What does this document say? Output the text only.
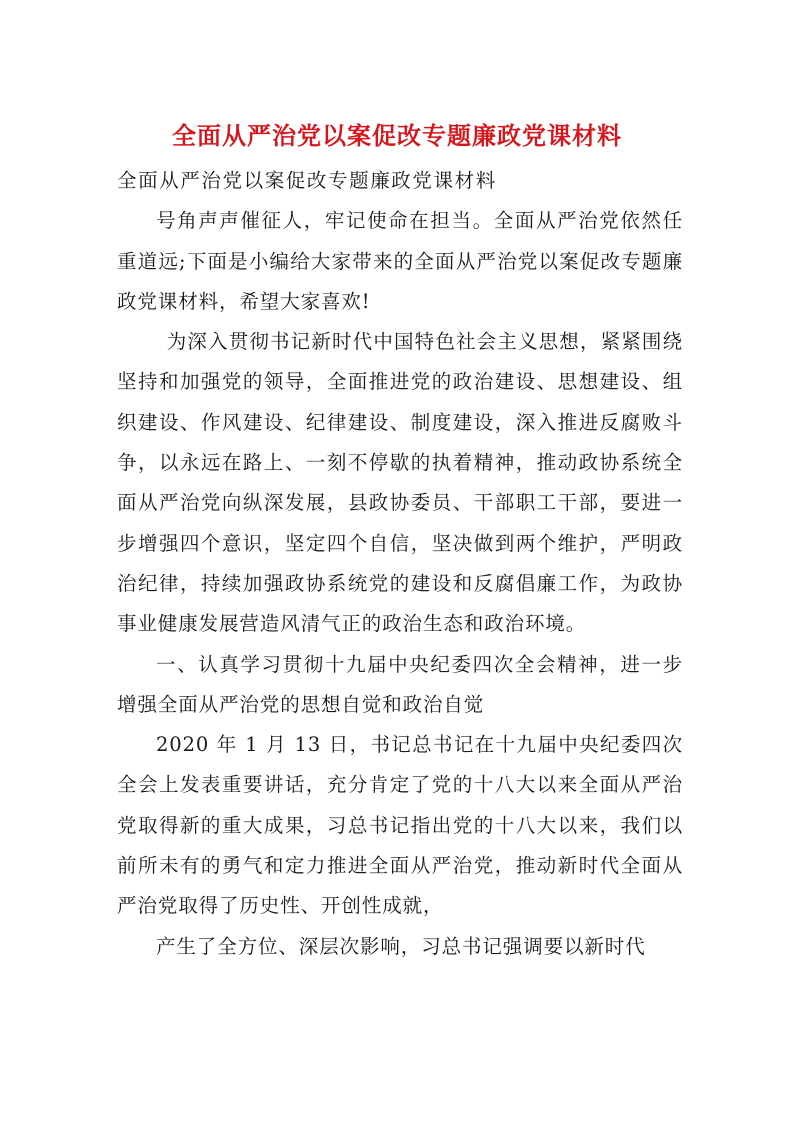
全面从严治党以案促改专题廉政党课材料

全面从严治党以案促改专题廉政党课材料

号角声声催征人，牢记使命在担当。全面从严治党依然任重道远;下面是小编给大家带来的全面从严治党以案促改专题廉政党课材料，希望大家喜欢!

为深入贯彻书记新时代中国特色社会主义思想，紧紧围绕坚持和加强党的领导，全面推进党的政治建设、思想建设、组织建设、作风建设、纪律建设、制度建设，深入推进反腐败斗争，以永远在路上、一刻不停歇的执着精神，推动政协系统全面从严治党向纵深发展，县政协委员、干部职工干部，要进一步增强四个意识，坚定四个自信，坚决做到两个维护，严明政治纪律，持续加强政协系统党的建设和反腐倡廉工作，为政协事业健康发展营造风清气正的政治生态和政治环境。

一、认真学习贯彻十九届中央纪委四次全会精神，进一步增强全面从严治党的思想自觉和政治自觉

2020 年 1 月 13 日，书记总书记在十九届中央纪委四次全会上发表重要讲话，充分肯定了党的十八大以来全面从严治党取得新的重大成果，习总书记指出党的十八大以来，我们以前所未有的勇气和定力推进全面从严治党，推动新时代全面从严治党取得了历史性、开创性成就，

产生了全方位、深层次影响，习总书记强调要以新时代
